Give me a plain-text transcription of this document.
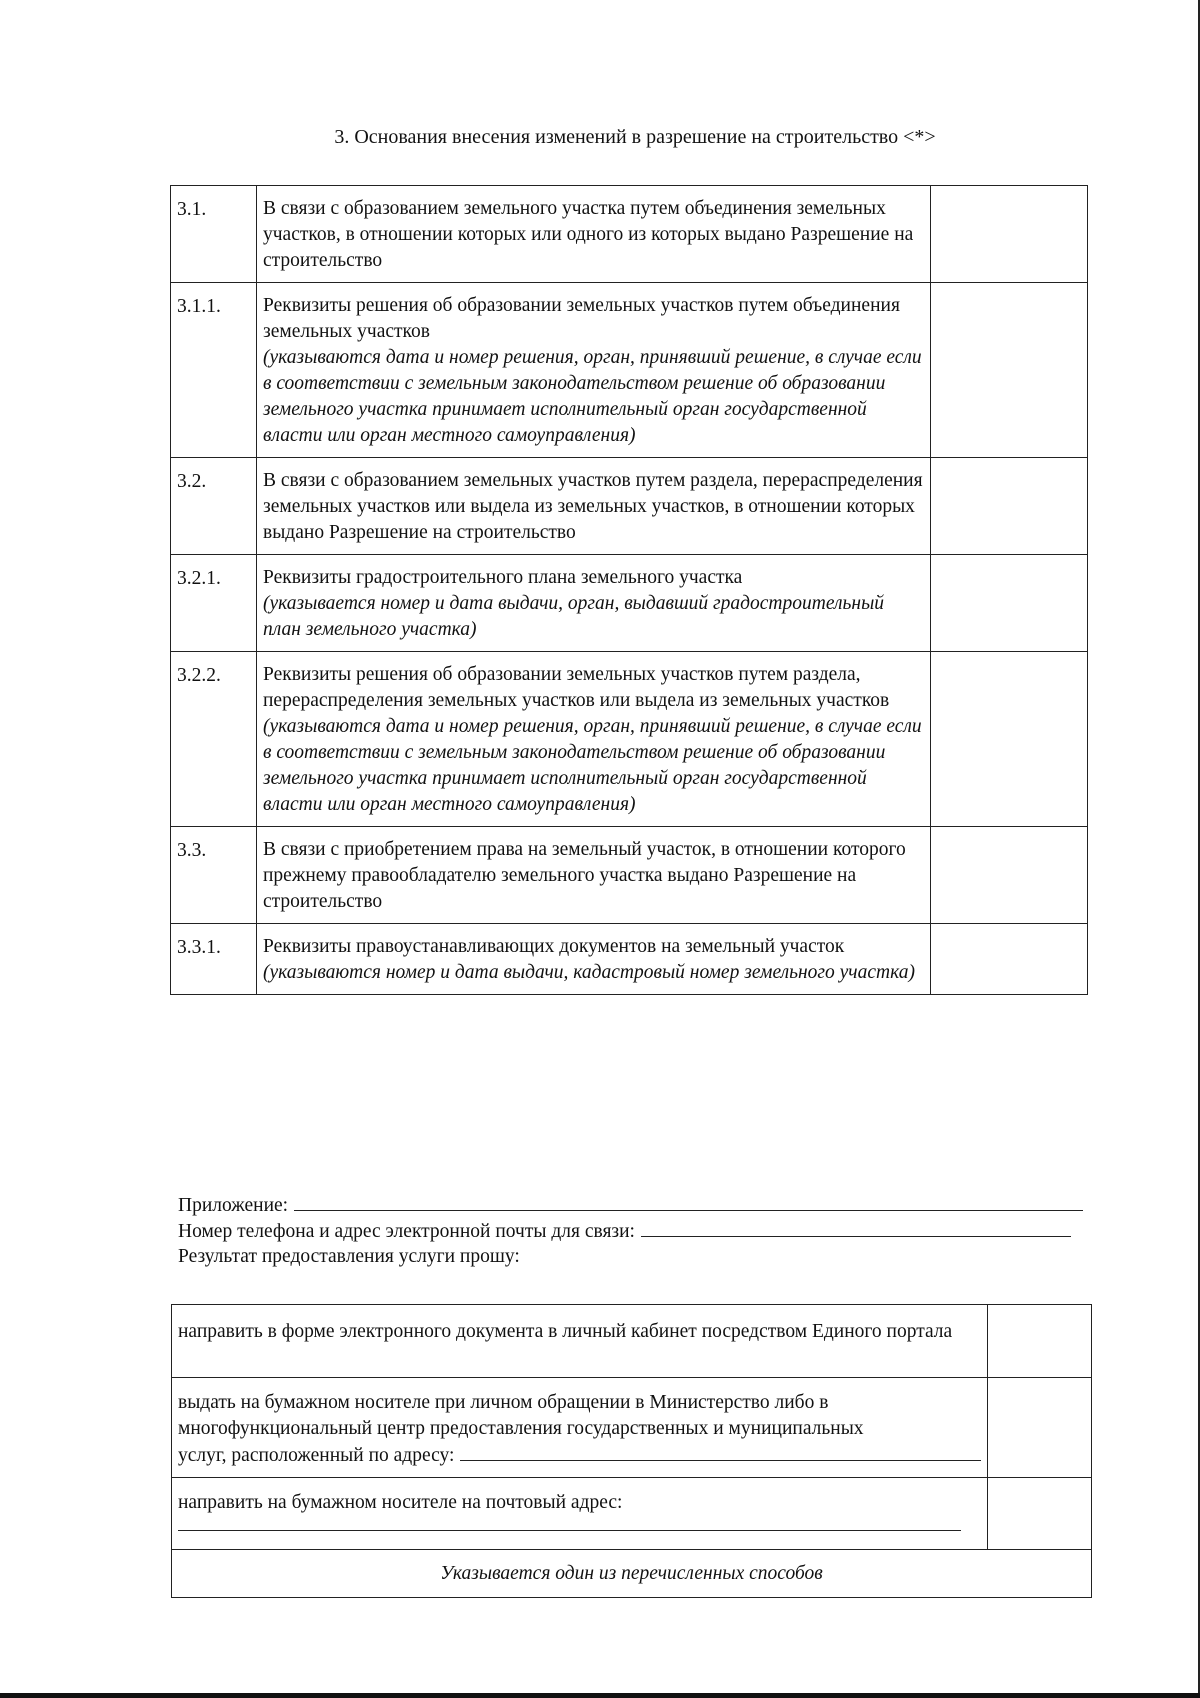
3. Основания внесения изменений в разрешение на строительство <*>
3.1.	В связи с образованием земельного участка путем объединения земельных участков, в отношении которых или одного из которых выдано Разрешение на строительство	
3.1.1.	Реквизиты решения об образовании земельных участков путем объединения земельных участков
(указываются дата и номер решения, орган, принявший решение, в случае если в соответствии с земельным законодательством решение об образовании земельного участка принимает исполнительный орган государственной власти или орган местного самоуправления)	

3.2.	В связи с образованием земельных участков путем раздела, перераспределения земельных участков или выдела из земельных участков, в отношении которых выдано Разрешение на строительство	
3.2.1.	Реквизиты градостроительного плана земельного участка
(указывается номер и дата выдачи, орган, выдавший градостроительный план земельного участка)	

3.2.2.	Реквизиты решения об образовании земельных участков путем раздела, перераспределения земельных участков или выдела из земельных участков
(указываются дата и номер решения, орган, принявший решение, в случае если в соответствии с земельным законодательством решение об образовании земельного участка принимает исполнительный орган государственной власти или орган местного самоуправления)	

3.3.	В связи с приобретением права на земельный участок, в отношении которого прежнему правообладателю земельного участка выдано Разрешение на строительство	
3.3.1.	Реквизиты правоустанавливающих документов на земельный участок
(указываются номер и дата выдачи, кадастровый номер земельного участка)	

Приложение:
Номер телефона и адрес электронной почты для связи:
Результат предоставления услуги прошу:
направить в форме электронного документа в личный кабинет посредством Единого портала	
выдать на бумажном носителе при личном обращении в Министерство либо в многофункциональный центр предоставления государственных и муниципальных
услуг, расположенный по адресу:	

направить на бумажном носителе на почтовый адрес:	

Указывается один из перечисленных способов	
